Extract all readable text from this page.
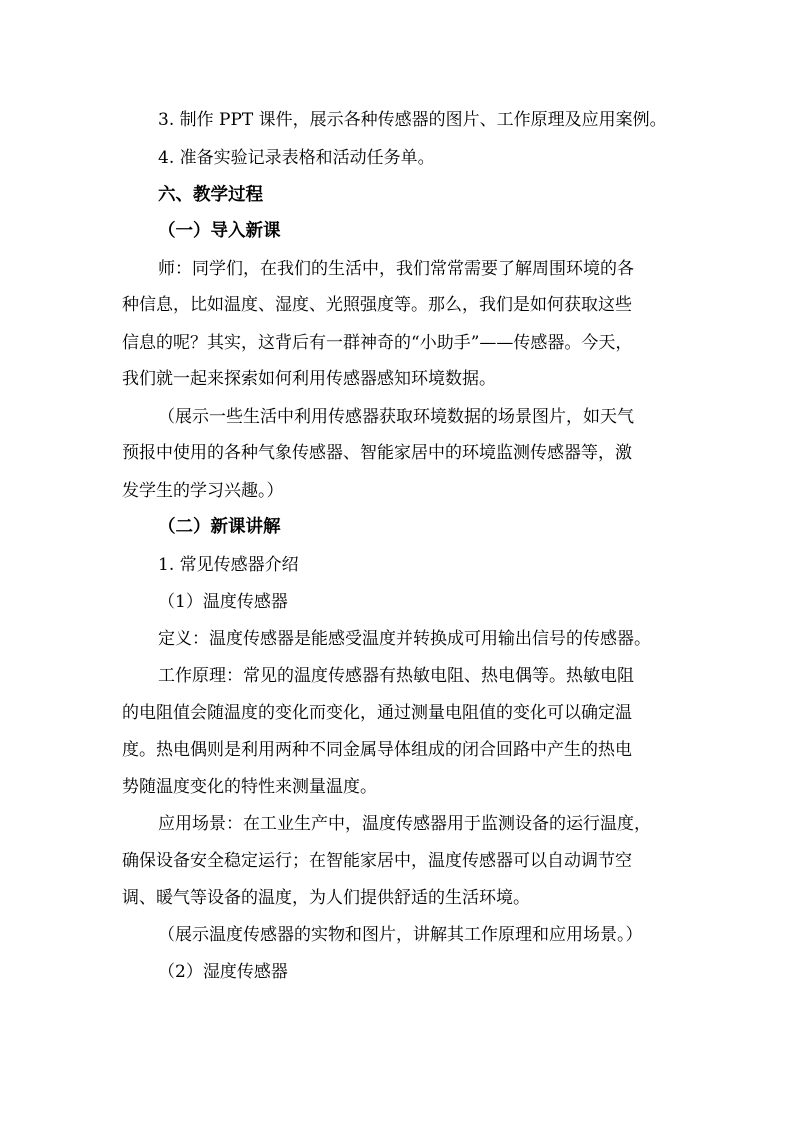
3. 制作 PPT 课件，展示各种传感器的图片、工作原理及应用案例。
4. 准备实验记录表格和活动任务单。
六、教学过程
（一）导入新课
师：同学们，在我们的生活中，我们常常需要了解周围环境的各
种信息，比如温度、湿度、光照强度等。那么，我们是如何获取这些
信息的呢？其实，这背后有一群神奇的“小助手”——传感器。今天，
我们就一起来探索如何利用传感器感知环境数据。
（展示一些生活中利用传感器获取环境数据的场景图片，如天气
预报中使用的各种气象传感器、智能家居中的环境监测传感器等，激
发学生的学习兴趣。）
（二）新课讲解
1. 常见传感器介绍
（1）温度传感器
定义：温度传感器是能感受温度并转换成可用输出信号的传感器。
工作原理：常见的温度传感器有热敏电阻、热电偶等。热敏电阻
的电阻值会随温度的变化而变化，通过测量电阻值的变化可以确定温
度。热电偶则是利用两种不同金属导体组成的闭合回路中产生的热电
势随温度变化的特性来测量温度。
应用场景：在工业生产中，温度传感器用于监测设备的运行温度，
确保设备安全稳定运行；在智能家居中，温度传感器可以自动调节空
调、暖气等设备的温度，为人们提供舒适的生活环境。
（展示温度传感器的实物和图片，讲解其工作原理和应用场景。）
（2）湿度传感器
